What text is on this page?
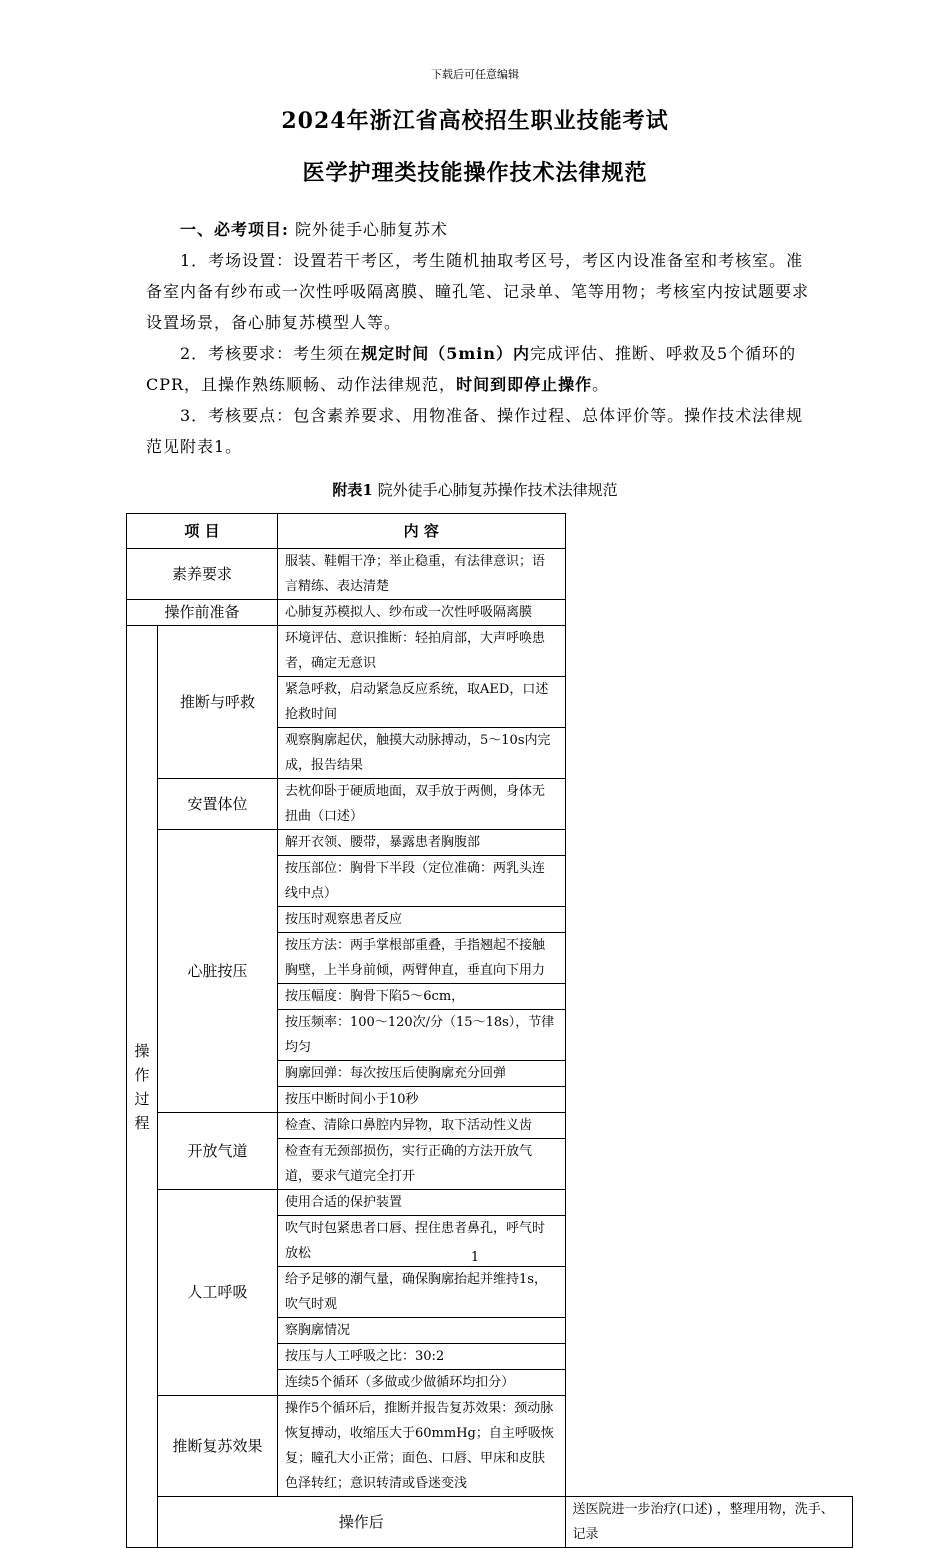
下载后可任意编辑
2024年浙江省高校招生职业技能考试
医学护理类技能操作技术法律规范

一、必考项目: 院外徒手心肺复苏术

1．考场设置：设置若干考区，考生随机抽取考区号，考区内设准备室和考核室。准备室内备有纱布或一次性呼吸隔离膜、瞳孔笔、记录单、笔等用物；考核室内按试题要求设置场景，备心肺复苏模型人等。

2．考核要求：考生须在规定时间（5min）内完成评估、推断、呼救及5个循环的CPR，且操作熟练顺畅、动作法律规范，时间到即停止操作。

3．考核要点：包含素养要求、用物准备、操作过程、总体评价等。操作技术法律规范见附表1。

附表1 院外徒手心肺复苏操作技术法律规范
项 目		内 容	
素养要求		服装、鞋帽干净；举止稳重，有法律意识；语言精练、表达清楚	
操作前准备		心肺复苏模拟人、纱布或一次性呼吸隔离膜	

操
作
过
程	推断与呼救	环境评估、意识推断：轻拍肩部，大声呼唤患者，确定无意识	
		紧急呼救，启动紧急反应系统，取AED，口述抢救时间	
		观察胸廓起伏，触摸大动脉搏动，5～10s内完成，报告结果	
	安置体位	去枕仰卧于硬质地面，双手放于两侧，身体无扭曲（口述）	
	心脏按压	解开衣领、腰带，暴露患者胸腹部	
		按压部位：胸骨下半段（定位准确：两乳头连线中点）	
		按压时观察患者反应	
		按压方法：两手掌根部重叠，手指翘起不接触胸壁，上半身前倾，两臂伸直，垂直向下用力	
		按压幅度：胸骨下陷5～6cm，	
		按压频率：100～120次/分（15～18s），节律均匀	
		胸廓回弹：每次按压后使胸廓充分回弹	
		按压中断时间小于10秒	
	开放气道	检查、清除口鼻腔内异物，取下活动性义齿	
		检查有无颈部损伤，实行正确的方法开放气道，要求气道完全打开	
	人工呼吸	使用合适的保护装置	
		吹气时包紧患者口唇、捏住患者鼻孔，呼气时放松	
		给予足够的潮气量，确保胸廓抬起并维持1s，吹气时观	
		察胸廓情况	
		按压与人工呼吸之比：30:2	
		连续5个循环（多做或少做循环均扣分）	
	推断复苏效果	操作5个循环后，推断并报告复苏效果：颈动脉恢复搏动，收缩压大于60mmHg；自主呼吸恢复；瞳孔大小正常；面色、口唇、甲床和皮肤色泽转红；意识转清或昏迷变浅	
	操作后		送医院进一步治疗(口述) ，整理用物，洗手、记录
1
